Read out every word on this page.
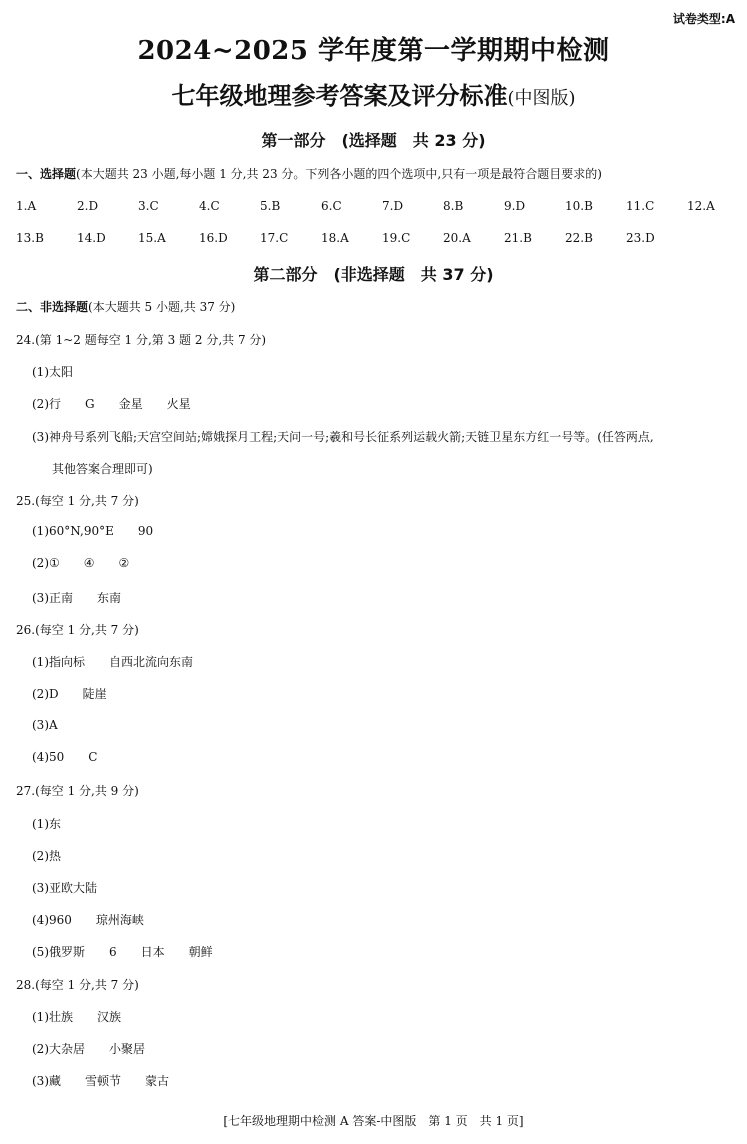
试卷类型:A
2024~2025 学年度第一学期期中检测
七年级地理参考答案及评分标准(中图版)
第一部分　(选择题　共 23 分)
一、选择题(本大题共 23 小题,每小题 1 分,共 23 分。下列各小题的四个选项中,只有一项是最符合题目要求的)
1.A	2.D	3.C	4.C	5.B	6.C	7.D	8.B	9.D	10.B	11.C	12.A
13.B	14.D	15.A	16.D	17.C	18.A	19.C	20.A	21.B	22.B	23.D
第二部分　(非选择题　共 37 分)
二、非选择题(本大题共 5 小题,共 37 分)
24.(第 1~2 题每空 1 分,第 3 题 2 分,共 7 分)
(1)太阳
(2)行 G 金星 火星
(3)神舟号系列飞船;天宫空间站;嫦娥探月工程;天问一号;羲和号长征系列运载火箭;天链卫星东方红一号等。(任答两点,
其他答案合理即可)
25.(每空 1 分,共 7 分)
(1)60°N,90°E 90
(2)① ④ ②
(3)正南 东南
26.(每空 1 分,共 7 分)
(1)指向标 自西北流向东南
(2)D 陡崖
(3)A
(4)50 C
27.(每空 1 分,共 9 分)
(1)东
(2)热
(3)亚欧大陆
(4)960 琼州海峡
(5)俄罗斯 6 日本 朝鲜
28.(每空 1 分,共 7 分)
(1)壮族 汉族
(2)大杂居 小聚居
(3)藏 雪顿节 蒙古
[七年级地理期中检测 A 答案-中图版　第 1 页　共 1 页]
